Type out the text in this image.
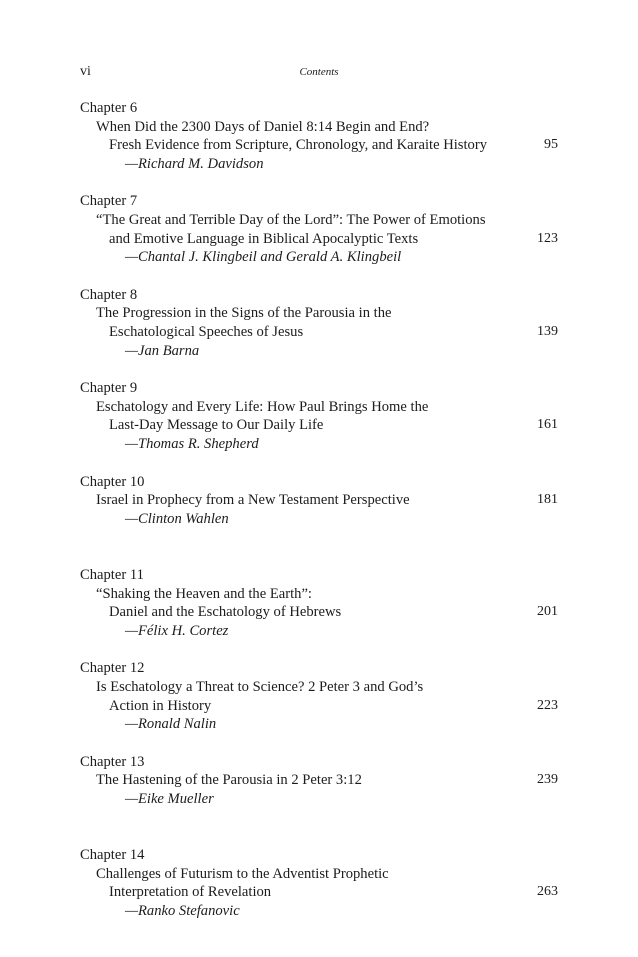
vi	Contents
Chapter 6
When Did the 2300 Days of Daniel 8:14 Begin and End?
Fresh Evidence from Scripture, Chronology, and Karaite History	95
—Richard M. Davidson
Chapter 7
“The Great and Terrible Day of the Lord”: The Power of Emotions
and Emotive Language in Biblical Apocalyptic Texts	123
—Chantal J. Klingbeil and Gerald A. Klingbeil
Chapter 8
The Progression in the Signs of the Parousia in the
Eschatological Speeches of Jesus	139
—Jan Barna
Chapter 9
Eschatology and Every Life: How Paul Brings Home the
Last-Day Message to Our Daily Life	161
—Thomas R. Shepherd
Chapter 10
Israel in Prophecy from a New Testament Perspective	181
—Clinton Wahlen
Chapter 11
“Shaking the Heaven and the Earth”:
Daniel and the Eschatology of Hebrews	201
—Félix H. Cortez
Chapter 12
Is Eschatology a Threat to Science? 2 Peter 3 and God’s
Action in History	223
—Ronald Nalin
Chapter 13
The Hastening of the Parousia in 2 Peter 3:12	239
—Eike Mueller
Chapter 14
Challenges of Futurism to the Adventist Prophetic
Interpretation of Revelation	263
—Ranko Stefanovic
